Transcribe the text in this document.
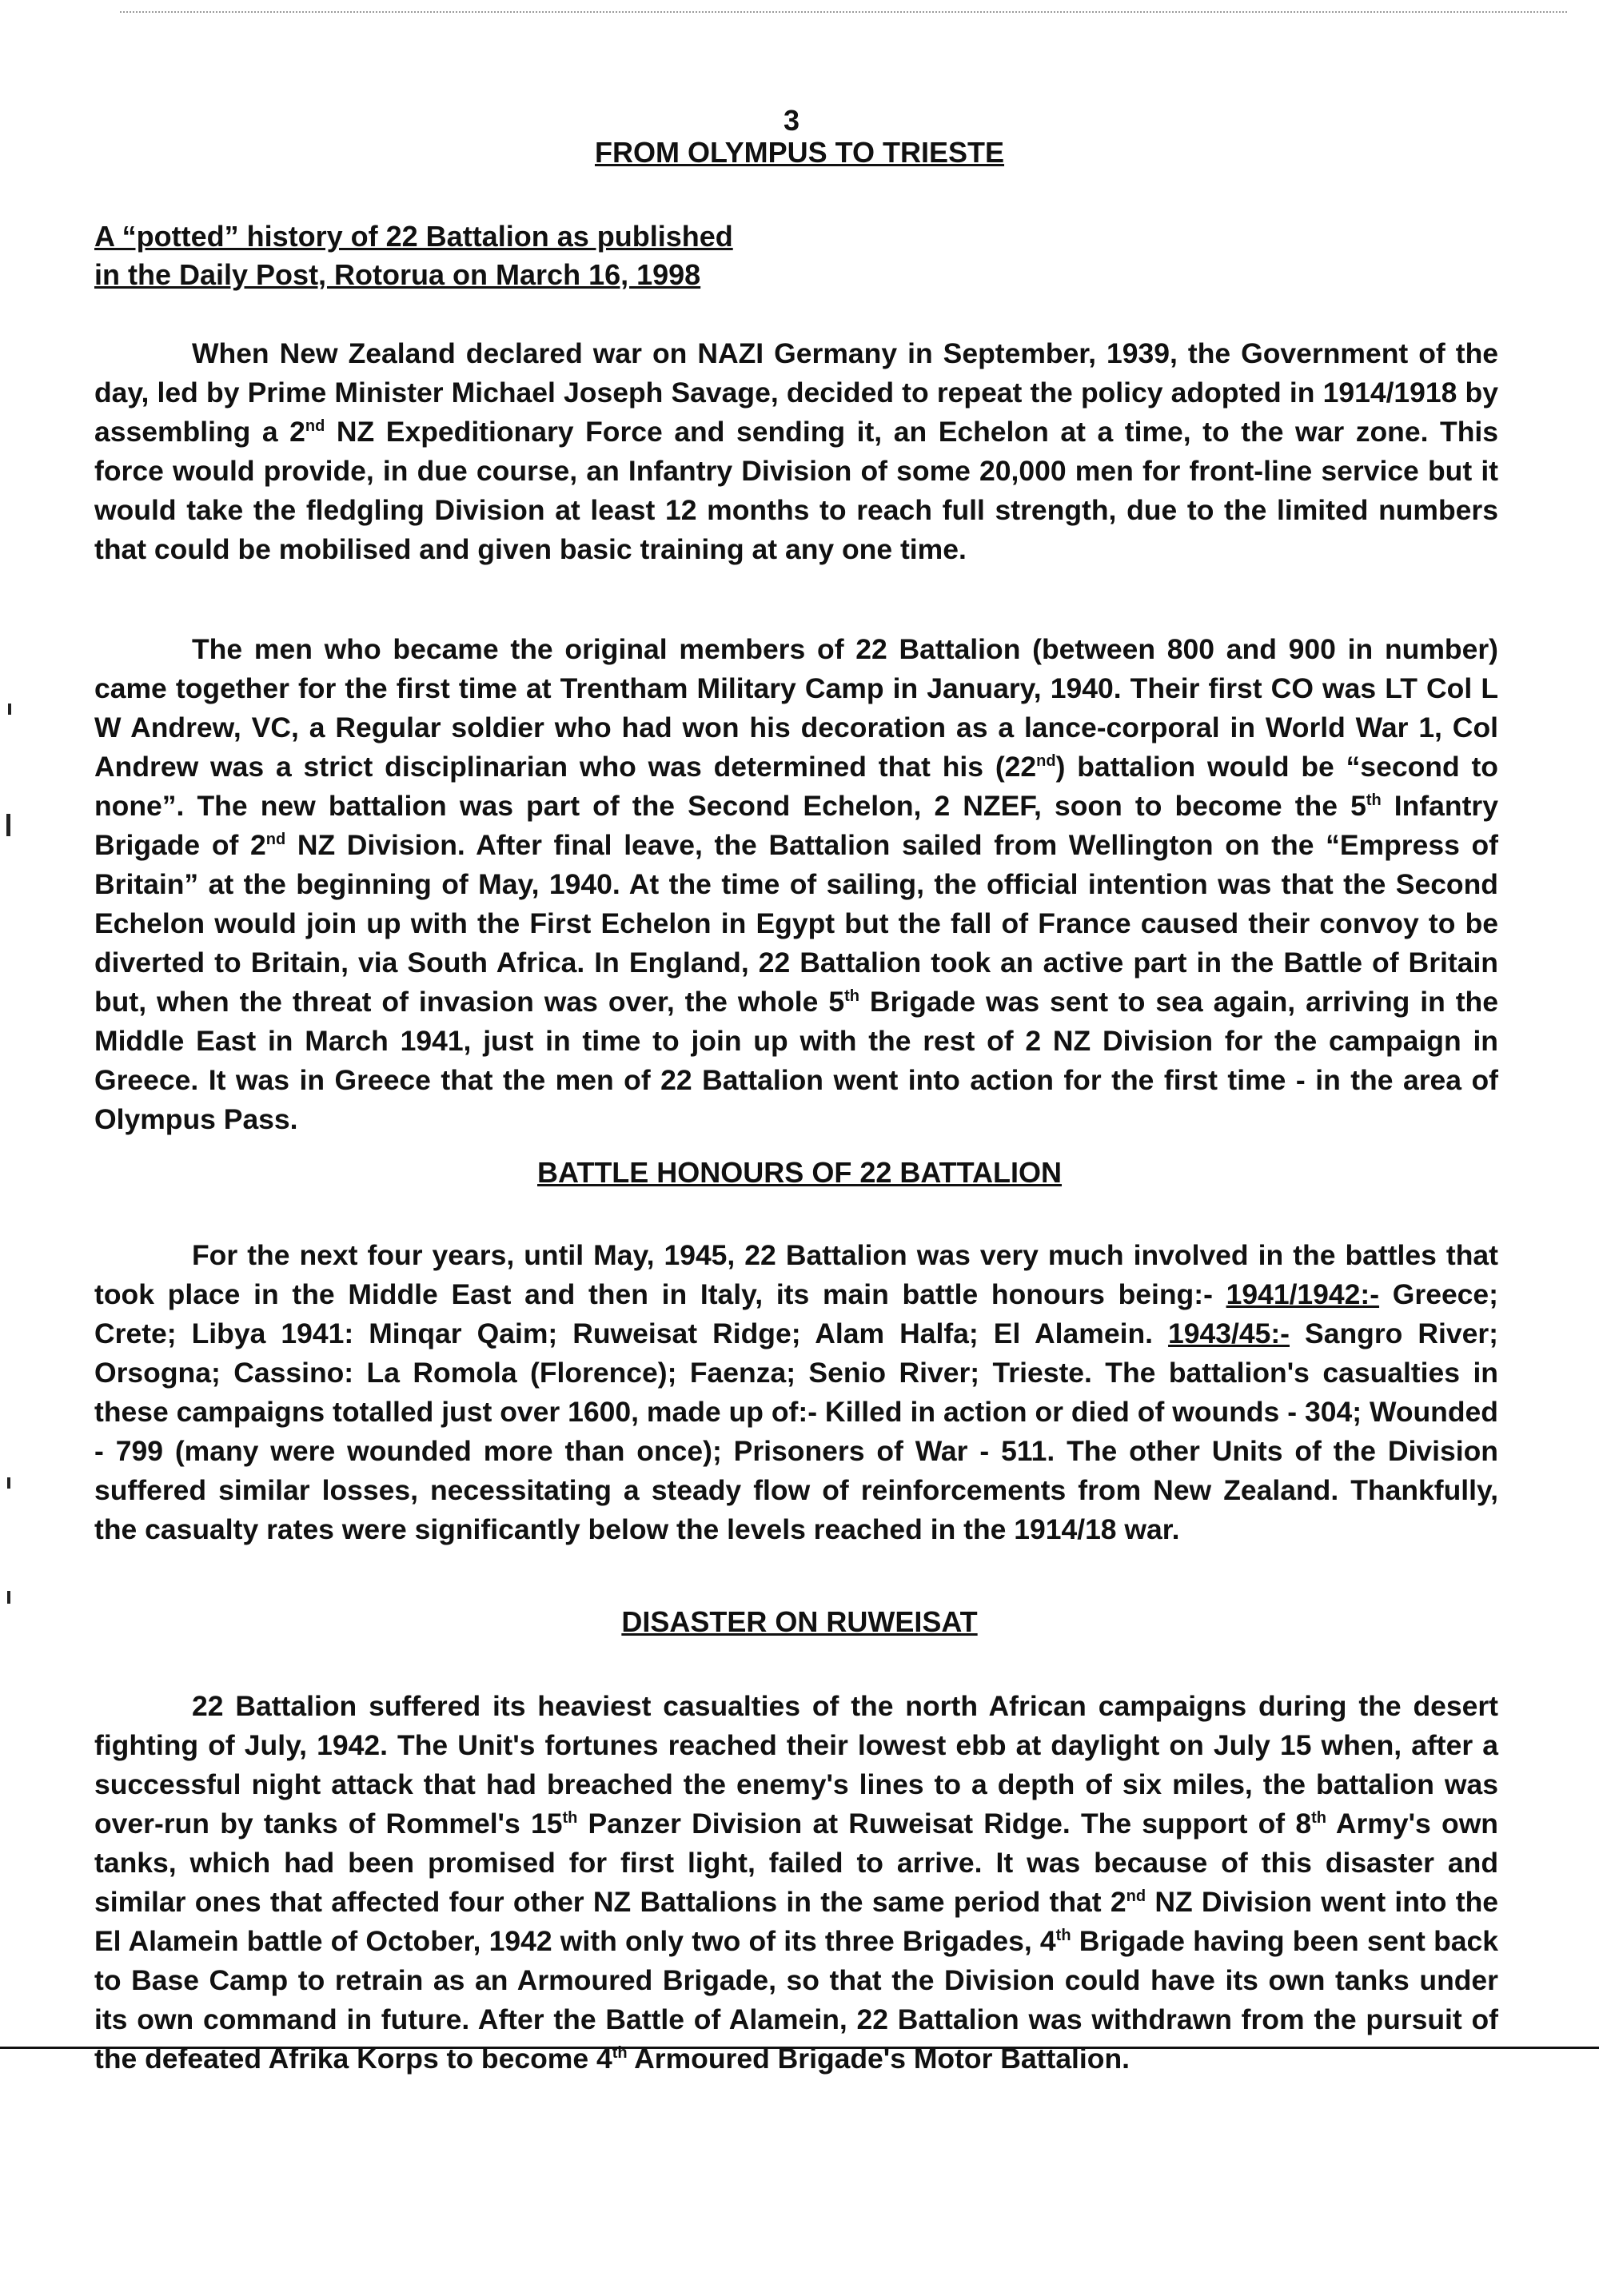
3
FROM OLYMPUS TO TRIESTE
A “potted” history of 22 Battalion as published
in the Daily Post, Rotorua on March 16, 1998

When New Zealand declared war on NAZI Germany in September, 1939, the Government of the day, led by Prime Minister Michael Joseph Savage, decided to repeat the policy adopted in 1914/1918 by assembling a 2nd NZ Expeditionary Force and sending it, an Echelon at a time, to the war zone. This force would provide, in due course, an Infantry Division of some 20,000 men for front-line service but it would take the fledgling Division at least 12 months to reach full strength, due to the limited numbers that could be mobilised and given basic training at any one time.

The men who became the original members of 22 Battalion (between 800 and 900 in number) came together for the first time at Trentham Military Camp in January, 1940. Their first CO was LT Col L W Andrew, VC, a Regular soldier who had won his decoration as a lance-corporal in World War 1, Col Andrew was a strict disciplinarian who was determined that his (22nd) battalion would be “second to none”. The new battalion was part of the Second Echelon, 2 NZEF, soon to become the 5th Infantry Brigade of 2nd NZ Division. After final leave, the Battalion sailed from Wellington on the “Empress of Britain” at the beginning of May, 1940. At the time of sailing, the official intention was that the Second Echelon would join up with the First Echelon in Egypt but the fall of France caused their convoy to be diverted to Britain, via South Africa. In England, 22 Battalion took an active part in the Battle of Britain but, when the threat of invasion was over, the whole 5th Brigade was sent to sea again, arriving in the Middle East in March 1941, just in time to join up with the rest of 2 NZ Division for the campaign in Greece. It was in Greece that the men of 22 Battalion went into action for the first time - in the area of Olympus Pass.

BATTLE HONOURS OF 22 BATTALION

For the next four years, until May, 1945, 22 Battalion was very much involved in the battles that took place in the Middle East and then in Italy, its main battle honours being:- 1941/1942:- Greece; Crete; Libya 1941: Minqar Qaim; Ruweisat Ridge; Alam Halfa; El Alamein. 1943/45:- Sangro River; Orsogna; Cassino: La Romola (Florence); Faenza; Senio River; Trieste. The battalion's casualties in these campaigns totalled just over 1600, made up of:- Killed in action or died of wounds - 304; Wounded - 799 (many were wounded more than once); Prisoners of War - 511. The other Units of the Division suffered similar losses, necessitating a steady flow of reinforcements from New Zealand. Thankfully, the casualty rates were significantly below the levels reached in the 1914/18 war.

DISASTER ON RUWEISAT

22 Battalion suffered its heaviest casualties of the north African campaigns during the desert fighting of July, 1942. The Unit's fortunes reached their lowest ebb at daylight on July 15 when, after a successful night attack that had breached the enemy's lines to a depth of six miles, the battalion was over-run by tanks of Rommel's 15th Panzer Division at Ruweisat Ridge. The support of 8th Army's own tanks, which had been promised for first light, failed to arrive. It was because of this disaster and similar ones that affected four other NZ Battalions in the same period that 2nd NZ Division went into the El Alamein battle of October, 1942 with only two of its three Brigades, 4th Brigade having been sent back to Base Camp to retrain as an Armoured Brigade, so that the Division could have its own tanks under its own command in future. After the Battle of Alamein, 22 Battalion was withdrawn from the pursuit of the defeated Afrika Korps to become 4th Armoured Brigade's Motor Battalion.
